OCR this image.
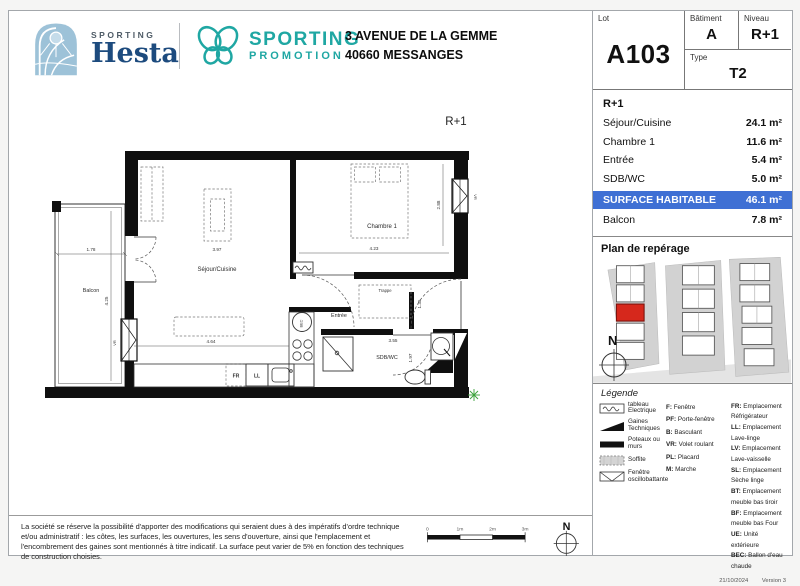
SPORTING
Hesta	SPORTING
PROMOTION
3 AVENUE DE LA GEMME
40660 MESSANGES
R+1
VR
VR
FR	LL
BEC
Séjour/Cuisine
Chambre 1
Entrée
SDB/WC
Balcon	Trappe
1.78
4.25
3.97	4.23
2.88
4.64	3.55
1.97
1.35

La société se réserve la possibilité d'apporter des modifications qui seraient dues à des impératifs d'ordre technique et/ou administratif : les côtes, les surfaces, les ouvertures, les sens d'ouverture, ainsi que l'emplacement et l'encombrement des gaines sont mentionnés à titre indicatif. La surface peut varier de 5% en fonction des techniques de construction choisies.

0	1m	2m	3m	N
Lot
A103
Bâtiment
A
Niveau
R+1
Type
T2
R+1
Séjour/Cuisine	24.1 m²
Chambre 1	11.6 m²
Entrée	5.4 m²
SDB/WC	5.0 m²
SURFACE HABITABLE	46.1 m²
Balcon	7.8 m²
Plan de repérage
N
Légende
tableau Electrique
Gaines Techniques
Poteaux ou murs
Soffite
Fenêtre oscillobattante
F: Fenêtre
PF: Porte-fenêtre
B: Basculant
VR: Volet roulant
PL: Placard
M: Marche
FR: Emplacement Réfrigérateur
LL: Emplacement Lave-linge
LV: Emplacement Lave-vaisselle
SL: Emplacement Sèche linge
BT: Emplacement meuble bas tiroir
BF: Emplacement meuble bas Four
UE: Unité extérieure
BEC: Ballon d'eau chaude
21/10/2024 Version 3
